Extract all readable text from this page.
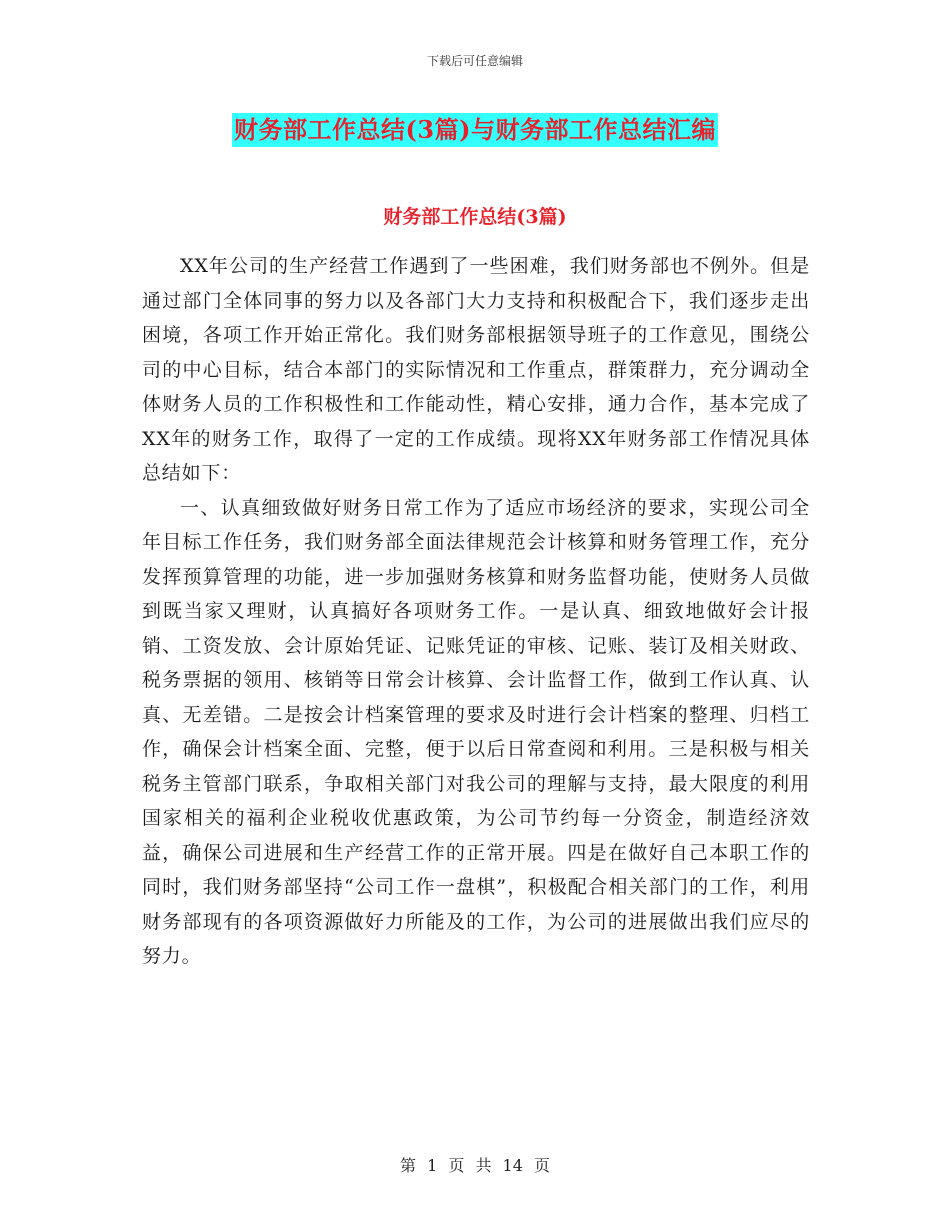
下载后可任意编辑
财务部工作总结(3篇)与财务部工作总结汇编
财务部工作总结(3篇)

XX年公司的生产经营工作遇到了一些困难，我们财务部也不例外。但是通过部门全体同事的努力以及各部门大力支持和积极配合下，我们逐步走出困境，各项工作开始正常化。我们财务部根据领导班子的工作意见，围绕公司的中心目标，结合本部门的实际情况和工作重点，群策群力，充分调动全体财务人员的工作积极性和工作能动性，精心安排，通力合作，基本完成了XX年的财务工作，取得了一定的工作成绩。现将XX年财务部工作情况具体总结如下：

一、认真细致做好财务日常工作为了适应市场经济的要求，实现公司全年目标工作任务，我们财务部全面法律规范会计核算和财务管理工作，充分发挥预算管理的功能，进一步加强财务核算和财务监督功能，使财务人员做到既当家又理财，认真搞好各项财务工作。一是认真、细致地做好会计报销、工资发放、会计原始凭证、记账凭证的审核、记账、装订及相关财政、税务票据的领用、核销等日常会计核算、会计监督工作，做到工作认真、认真、无差错。二是按会计档案管理的要求及时进行会计档案的整理、归档工作，确保会计档案全面、完整，便于以后日常查阅和利用。三是积极与相关税务主管部门联系，争取相关部门对我公司的理解与支持，最大限度的利用国家相关的福利企业税收优惠政策，为公司节约每一分资金，制造经济效益，确保公司进展和生产经营工作的正常开展。四是在做好自己本职工作的同时，我们财务部坚持“公司工作一盘棋”，积极配合相关部门的工作，利用财务部现有的各项资源做好力所能及的工作，为公司的进展做出我们应尽的努力。

第 1 页 共 14 页
